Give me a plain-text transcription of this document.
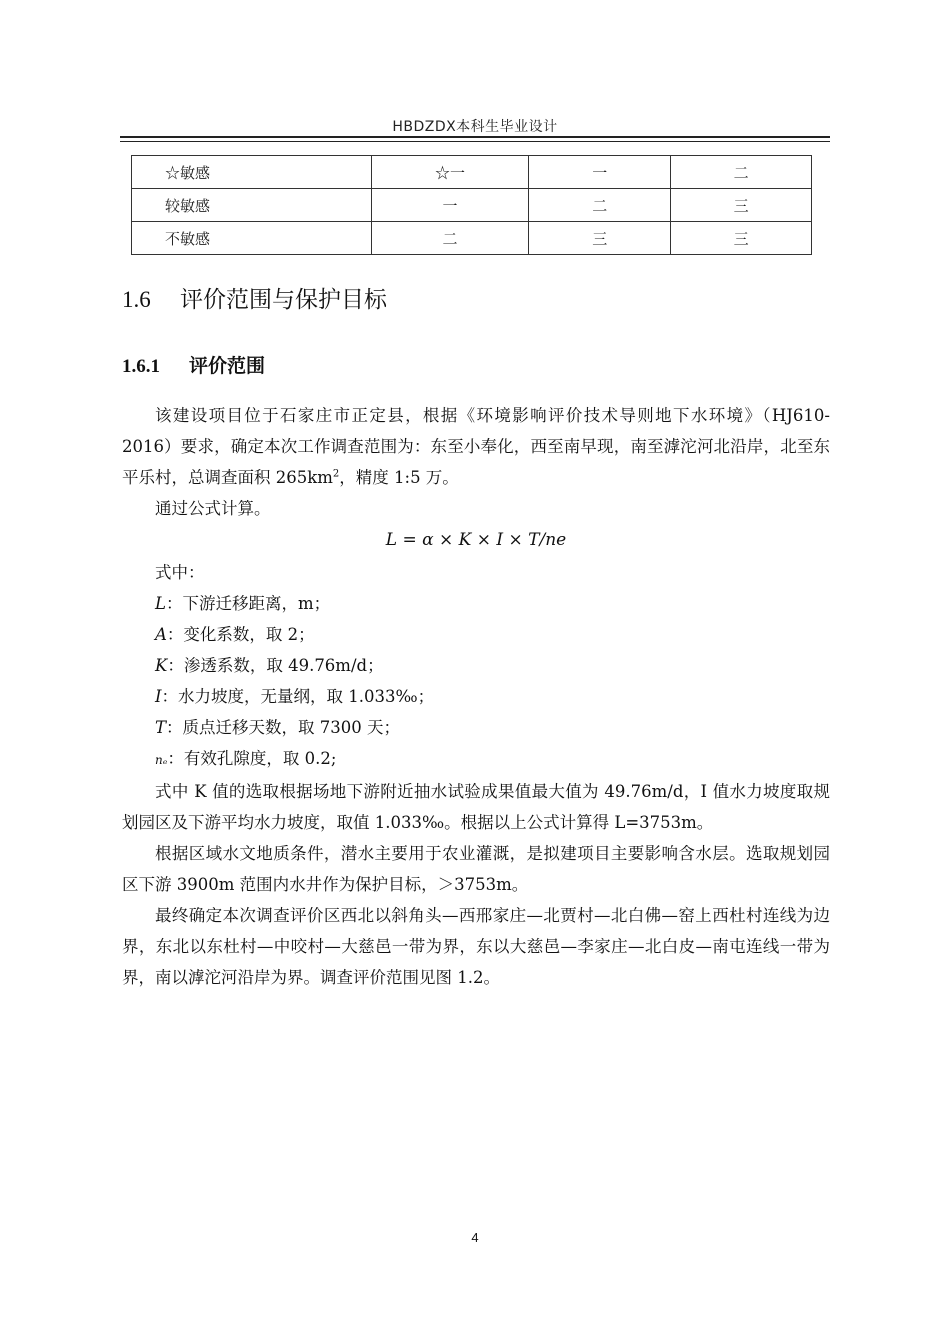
HBDZDX本科生毕业设计
☆敏感	☆一	一	二
较敏感	一	二	三
不敏感	二	三	三
1.6 评价范围与保护目标
1.6.1 评价范围

该建设项目位于石家庄市正定县，根据《环境影响评价技术导则地下水环境》（HJ610-2016）要求，确定本次工作调查范围为：东至小奉化，西至南早现，南至滹沱河北沿岸，北至东平乐村，总调查面积 $265km^2$，精度 1:5 万。

通过公式计算。

L = α × K × I × T/ne

式中：

L：下游迁移距离，m；

A：变化系数，取 2；

K：渗透系数，取 49.76m/d；

I：水力坡度，无量纲，取 1.033‰；

T：质点迁移天数，取 7300 天；

nₑ：有效孔隙度，取 0.2;

式中 K 值的选取根据场地下游附近抽水试验成果值最大值为 49.76m/d，I 值水力坡度取规划园区及下游平均水力坡度，取值 1.033‰。根据以上公式计算得 L=3753m。

根据区域水文地质条件，潜水主要用于农业灌溉，是拟建项目主要影响含水层。选取规划园区下游 3900m 范围内水井作为保护目标，＞3753m。

最终确定本次调查评价区西北以斜角头—西邢家庄—北贾村—北白佛—窑上西杜村连线为边界，东北以东杜村—中咬村—大慈邑一带为界，东以大慈邑—李家庄—北白皮—南屯连线一带为界，南以滹沱河沿岸为界。调查评价范围见图 1.2。

4
